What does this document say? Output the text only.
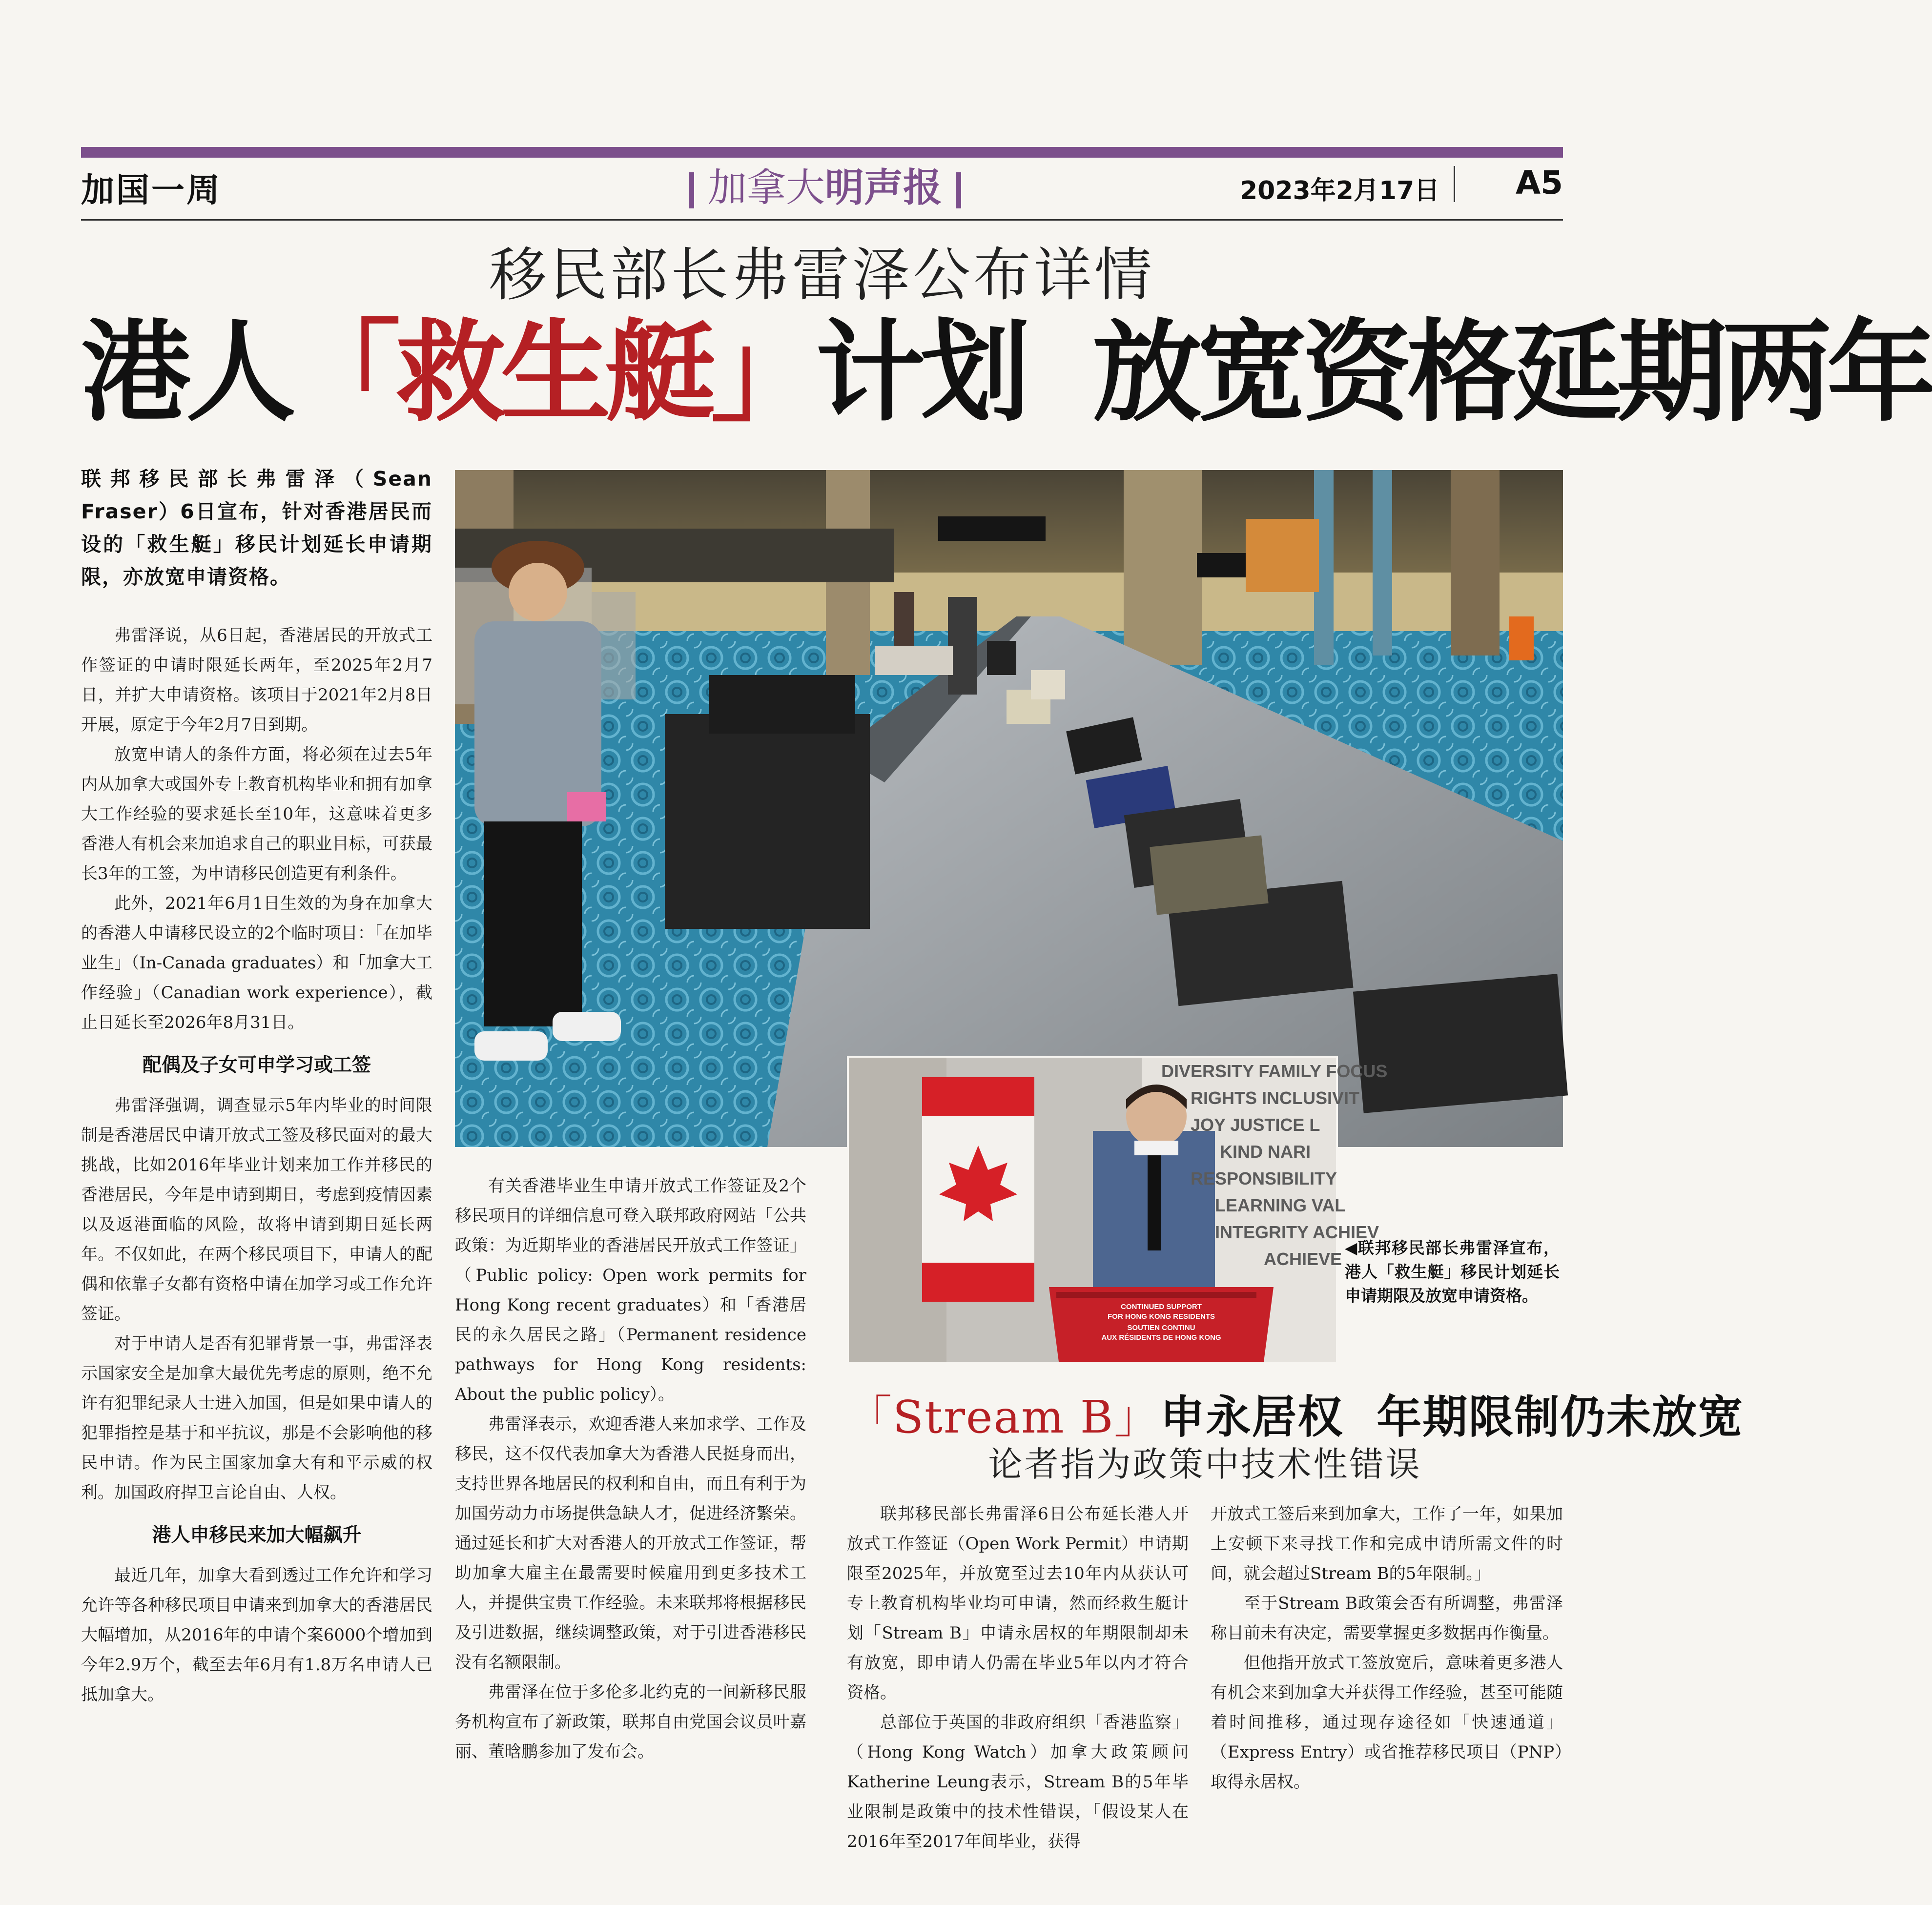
加国一周	加拿大明声报	2023年2月17日 A5
移民部长弗雷泽公布详情
港人「救生艇」计划  放宽资格延期两年
联邦移民部长弗雷泽（Sean Fraser）6日宣布，针对香港居民而设的「救生艇」移民计划延长申请期限，亦放宽申请资格。

弗雷泽说，从6日起，香港居民的开放式工作签证的申请时限延长两年，至2025年2月7日，并扩大申请资格。该项目于2021年2月8日开展，原定于今年2月7日到期。

放宽申请人的条件方面，将必须在过去5年内从加拿大或国外专上教育机构毕业和拥有加拿大工作经验的要求延长至10年，这意味着更多香港人有机会来加追求自己的职业目标，可获最长3年的工签，为申请移民创造更有利条件。

此外，2021年6月1日生效的为身在加拿大的香港人申请移民设立的2个临时项目：「在加毕业生」（In-Canada graduates）和「加拿大工作经验」（Canadian work experience），截止日延长至2026年8月31日。

配偶及子女可申学习或工签

弗雷泽强调，调查显示5年内毕业的时间限制是香港居民申请开放式工签及移民面对的最大挑战，比如2016年毕业计划来加工作并移民的香港居民，今年是申请到期日，考虑到疫情因素以及返港面临的风险，故将申请到期日延长两年。不仅如此，在两个移民项目下，申请人的配偶和依靠子女都有资格申请在加学习或工作允许签证。

对于申请人是否有犯罪背景一事，弗雷泽表示国家安全是加拿大最优先考虑的原则，绝不允许有犯罪纪录人士进入加国，但是如果申请人的犯罪指控是基于和平抗议，那是不会影响他的移民申请。作为民主国家加拿大有和平示威的权利。加国政府捍卫言论自由、人权。

港人申移民来加大幅飙升

最近几年，加拿大看到透过工作允许和学习允许等各种移民项目申请来到加拿大的香港居民大幅增加，从2016年的申请个案6000个增加到今年2.9万个，截至去年6月有1.8万名申请人已抵加拿大。

CONTINUED SUPPORT
FOR HONG KONG RESIDENTS
SOUTIEN CONTINU
AUX RÉSIDENTS DE HONG KONG
DIVERSITY FAMILY FOCUS
RIGHTS INCLUSIVIT
JOY JUSTICE L
KIND NARI
RESPONSIBILITY
LEARNING VAL
INTEGRITY ACHIEV
ACHIEVE
◀联邦移民部长弗雷泽宣布，港人「救生艇」移民计划延长申请期限及放宽申请资格。

有关香港毕业生申请开放式工作签证及2个移民项目的详细信息可登入联邦政府网站「公共政策：为近期毕业的香港居民开放式工作签证」（Public policy: Open work permits for Hong Kong recent graduates）和「香港居民的永久居民之路」（Permanent residence pathways for Hong Kong residents: About the public policy）。

弗雷泽表示，欢迎香港人来加求学、工作及移民，这不仅代表加拿大为香港人民挺身而出，支持世界各地居民的权利和自由，而且有利于为加国劳动力市场提供急缺人才，促进经济繁荣。通过延长和扩大对香港人的开放式工作签证，帮助加拿大雇主在最需要时候雇用到更多技术工人，并提供宝贵工作经验。未来联邦将根据移民及引进数据，继续调整政策，对于引进香港移民没有名额限制。

弗雷泽在位于多伦多北约克的一间新移民服务机构宣布了新政策，联邦自由党国会议员叶嘉丽、董晗鹏参加了发布会。

「Stream B」申永居权  年期限制仍未放宽
论者指为政策中技术性错误

联邦移民部长弗雷泽6日公布延长港人开放式工作签证（Open Work Permit）申请期限至2025年，并放宽至过去10年内从获认可专上教育机构毕业均可申请，然而经救生艇计划「Stream B」申请永居权的年期限制却未有放宽，即申请人仍需在毕业5年以内才符合资格。

总部位于英国的非政府组织「香港监察」（Hong Kong Watch）加拿大政策顾问Katherine Leung表示，Stream B的5年毕业限制是政策中的技术性错误，「假设某人在2016年至2017年间毕业，获得

开放式工签后来到加拿大，工作了一年，如果加上安顿下来寻找工作和完成申请所需文件的时间，就会超过Stream B的5年限制。」

至于Stream B政策会否有所调整，弗雷泽称目前未有决定，需要掌握更多数据再作衡量。

但他指开放式工签放宽后，意味着更多港人有机会来到加拿大并获得工作经验，甚至可能随着时间推移，通过现存途径如「快速通道」（Express Entry）或省推荐移民项目（PNP）取得永居权。
